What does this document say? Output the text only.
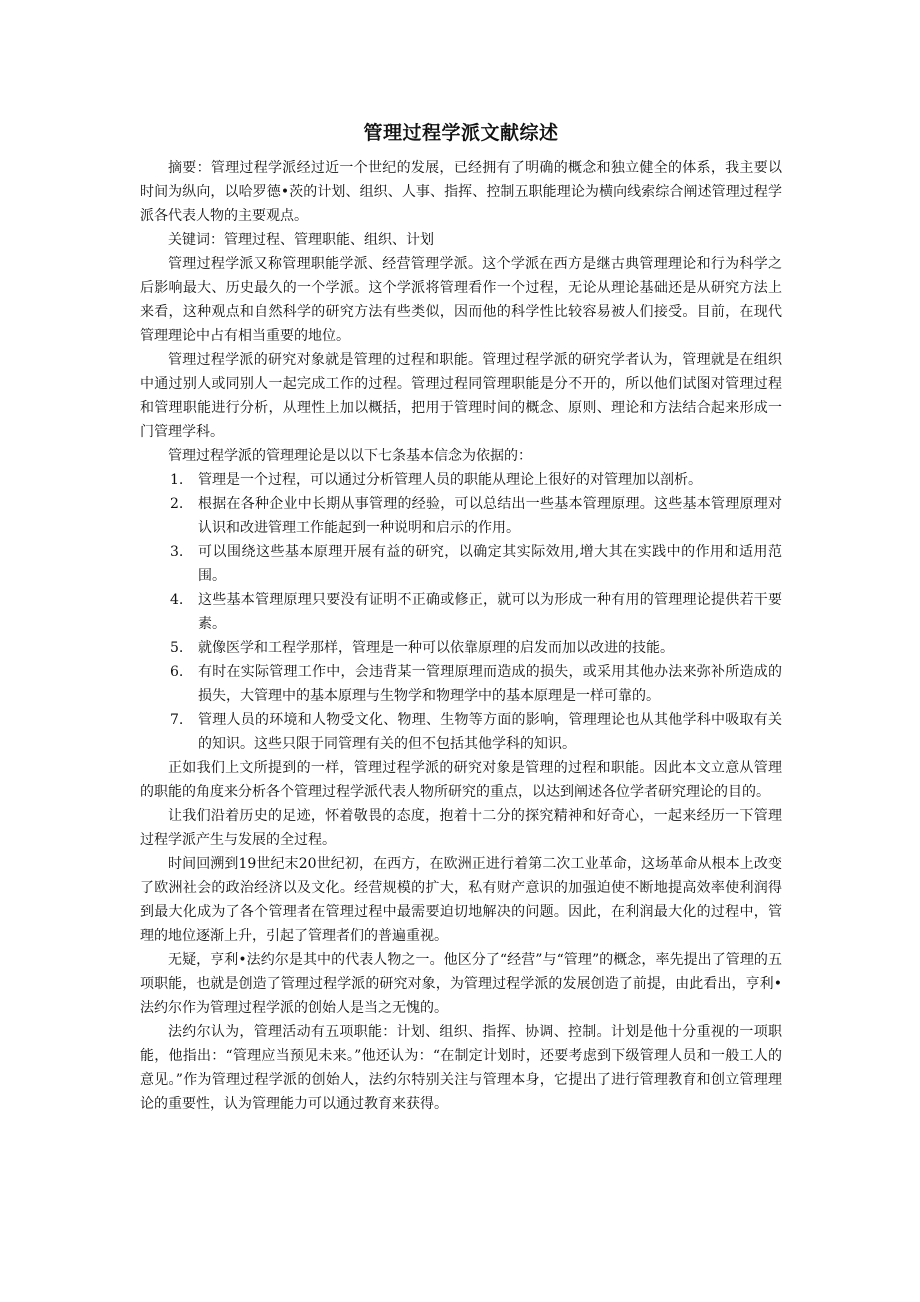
管理过程学派文献综述

摘要：管理过程学派经过近一个世纪的发展，已经拥有了明确的概念和独立健全的体系，我主要以时间为纵向，以哈罗德•茨的计划、组织、人事、指挥、控制五职能理论为横向线索综合阐述管理过程学派各代表人物的主要观点。

关键词：管理过程、管理职能、组织、计划

管理过程学派又称管理职能学派、经营管理学派。这个学派在西方是继古典管理理论和行为科学之后影响最大、历史最久的一个学派。这个学派将管理看作一个过程，无论从理论基础还是从研究方法上来看，这种观点和自然科学的研究方法有些类似，因而他的科学性比较容易被人们接受。目前，在现代管理理论中占有相当重要的地位。

管理过程学派的研究对象就是管理的过程和职能。管理过程学派的研究学者认为，管理就是在组织中通过别人或同别人一起完成工作的过程。管理过程同管理职能是分不开的，所以他们试图对管理过程和管理职能进行分析，从理性上加以概括，把用于管理时间的概念、原则、理论和方法结合起来形成一门管理学科。

管理过程学派的管理理论是以以下七条基本信念为依据的：

1.	管理是一个过程，可以通过分析管理人员的职能从理论上很好的对管理加以剖析。
2.	根据在各种企业中长期从事管理的经验，可以总结出一些基本管理原理。这些基本管理原理对认识和改进管理工作能起到一种说明和启示的作用。
3.	可以围绕这些基本原理开展有益的研究，以确定其实际效用,增大其在实践中的作用和适用范围。
4.	这些基本管理原理只要没有证明不正确或修正，就可以为形成一种有用的管理理论提供若干要素。
5.	就像医学和工程学那样，管理是一种可以依靠原理的启发而加以改进的技能。
6.	有时在实际管理工作中，会违背某一管理原理而造成的损失，或采用其他办法来弥补所造成的损失，大管理中的基本原理与生物学和物理学中的基本原理是一样可靠的。
7.	管理人员的环境和人物受文化、物理、生物等方面的影响，管理理论也从其他学科中吸取有关的知识。这些只限于同管理有关的但不包括其他学科的知识。

正如我们上文所提到的一样，管理过程学派的研究对象是管理的过程和职能。因此本文立意从管理的职能的角度来分析各个管理过程学派代表人物所研究的重点，以达到阐述各位学者研究理论的目的。

让我们沿着历史的足迹，怀着敬畏的态度，抱着十二分的探究精神和好奇心，一起来经历一下管理过程学派产生与发展的全过程。

时间回溯到19世纪末20世纪初，在西方，在欧洲正进行着第二次工业革命，这场革命从根本上改变了欧洲社会的政治经济以及文化。经营规模的扩大，私有财产意识的加强迫使不断地提高效率使利润得到最大化成为了各个管理者在管理过程中最需要迫切地解决的问题。因此，在利润最大化的过程中，管理的地位逐渐上升，引起了管理者们的普遍重视。

无疑，亨利•法约尔是其中的代表人物之一。他区分了“经营”与“管理”的概念，率先提出了管理的五项职能，也就是创造了管理过程学派的研究对象，为管理过程学派的发展创造了前提，由此看出，亨利•法约尔作为管理过程学派的创始人是当之无愧的。

法约尔认为，管理活动有五项职能：计划、组织、指挥、协调、控制。计划是他十分重视的一项职能，他指出：“管理应当预见未来。”他还认为：“在制定计划时，还要考虑到下级管理人员和一般工人的意见。”作为管理过程学派的创始人，法约尔特别关注与管理本身，它提出了进行管理教育和创立管理理论的重要性，认为管理能力可以通过教育来获得。
